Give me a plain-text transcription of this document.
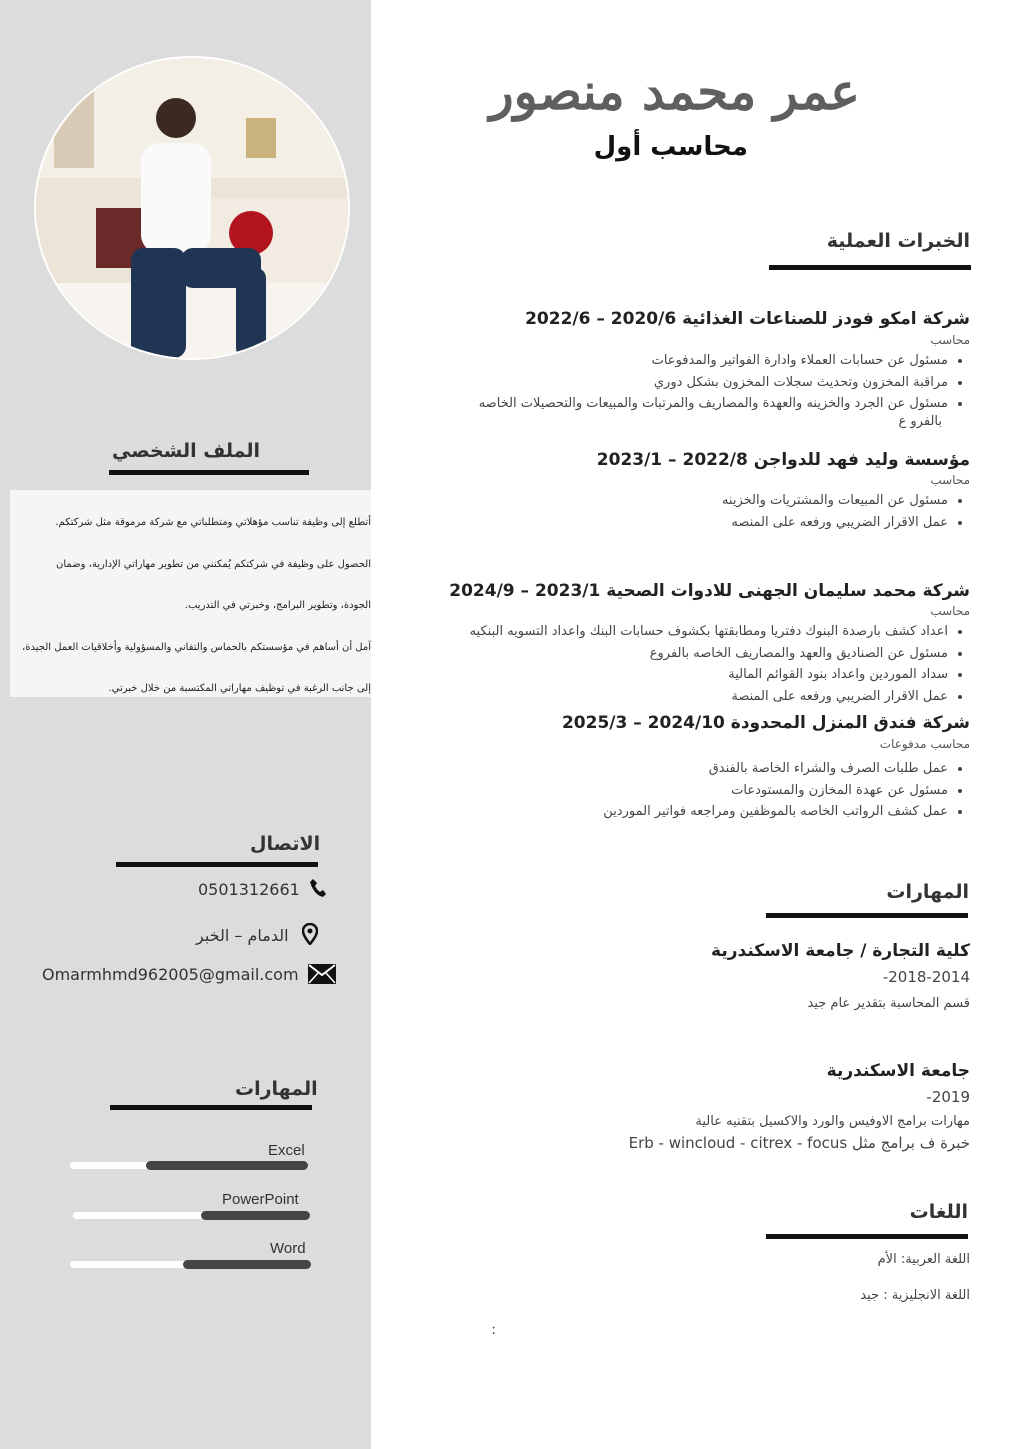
الملف الشخصي
أتطلع إلى وظيفة تناسب مؤهلاتي ومتطلباتي مع شركة مرموقة مثل شركتكم.
الحصول على وظيفة في شركتكم يُمكنني من تطوير مهاراتي الإدارية، وضمان
الجودة، وتطوير البرامج، وخبرتي في التدريب.
آمل أن أساهم في مؤسستكم بالحماس والتفاني والمسؤولية وأخلاقيات العمل الجيدة،
إلى جانب الرغبة في توظيف مهاراتي المكتسبة من خلال خبرتي.
الاتصال
0501312661
الدمام – الخبر
Omarmhmd962005@gmail.com
المهارات
Excel
PowerPoint
Word
عمر محمد منصور
محاسب أول
الخبرات العملية
شركة امكو فودز للصناعات الغذائية 2020/6 – 2022/6
محاسب
• مسئول عن حسابات العملاء وادارة الفواتير والمدفوعات
• مراقبة المخزون وتحديث سجلات المخزون بشكل دوري
• مسئول عن الجرد والخزينه والعهدة والمصاريف والمرتبات والمبيعات والتحصيلات الخاصه
بالفرو ع
مؤسسة وليد فهد للدواجن 2022/8 – 2023/1
محاسب
• مسئول عن المبيعات والمشتريات والخزينه
• عمل الاقرار الضريبي ورفعه على المنصه
شركة محمد سليمان الجهنى للادوات الصحية 2023/1 – 2024/9
محاسب
• اعداد كشف بارصدة البنوك دفتريا ومطابقتها بكشوف حسابات البنك واعداد التسويه البنكيه
• مسئول عن الصناديق والعهد والمصاريف الخاصه بالفروع
• سداد الموردين واعداد بنود القوائم المالية
• عمل الاقرار الضريبي ورفعه على المنصة
شركة فندق المنزل المحدودة 2024/10 – 2025/3
محاسب مدفوعات
• عمل طلبات الصرف والشراء الخاصة بالفندق
• مسئول عن عهدة المخازن والمستودعات
• عمل كشف الرواتب الخاصه بالموظفين ومراجعه فواتير الموردين
المهارات
كلية التجارة / جامعة الاسكندرية
2018-2014-
قسم المحاسبة بتقدير عام جيد
جامعة الاسكندرية
2019-
مهارات برامج الاوفيس والورد والاكسيل بتقنيه عالية
خبرة ف برامج مثل Erb - wincloud - citrex - focus
اللغات
اللغة العربية: الأم
اللغة الانجليزية : جيد
:
